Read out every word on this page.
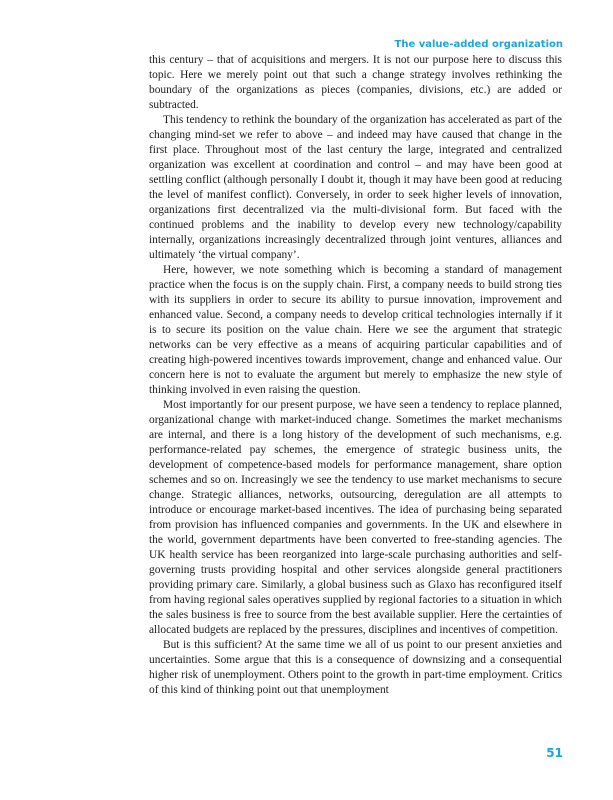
The value-added organization

this century – that of acquisitions and mergers. It is not our purpose here to discuss this topic. Here we merely point out that such a change strategy involves rethinking the boundary of the organizations as pieces (companies, divisions, etc.) are added or subtracted.

This tendency to rethink the boundary of the organization has accelerated as part of the changing mind-set we refer to above – and indeed may have caused that change in the first place. Throughout most of the last century the large, integrated and centralized organization was excellent at coordination and control – and may have been good at settling conflict (although personally I doubt it, though it may have been good at reducing the level of manifest conflict). Conversely, in order to seek higher levels of innovation, organizations first decentralized via the multi-divisional form. But faced with the continued problems and the inability to develop every new technology/capability internally, organizations increasingly decentralized through joint ventures, alliances and ultimately ‘the virtual company’.

Here, however, we note something which is becoming a standard of management practice when the focus is on the supply chain. First, a company needs to build strong ties with its suppliers in order to secure its ability to pursue innovation, improvement and enhanced value. Second, a company needs to develop critical technologies internally if it is to secure its position on the value chain. Here we see the argument that strategic networks can be very effective as a means of acquiring particular capabilities and of creating high-powered incentives towards improvement, change and enhanced value. Our concern here is not to evaluate the argument but merely to emphasize the new style of thinking involved in even raising the question.

Most importantly for our present purpose, we have seen a tendency to replace planned, organizational change with market-induced change. Sometimes the market mechanisms are internal, and there is a long history of the development of such mechanisms, e.g. performance-related pay schemes, the emergence of strategic business units, the development of competence-based models for performance management, share option schemes and so on. Increasingly we see the tendency to use market mechanisms to secure change. Strategic alliances, networks, outsourcing, deregulation are all attempts to introduce or encourage market-based incentives. The idea of purchasing being separated from provision has influenced companies and governments. In the UK and elsewhere in the world, government departments have been converted to free-standing agencies. The UK health service has been reorganized into large-scale purchasing authorities and self-governing trusts providing hospital and other services alongside general practitioners providing primary care. Similarly, a global business such as Glaxo has reconfigured itself from having regional sales operatives supplied by regional factories to a situation in which the sales business is free to source from the best available supplier. Here the certainties of allocated budgets are replaced by the pressures, disciplines and incentives of competition.

But is this sufficient? At the same time we all of us point to our present anxieties and uncertainties. Some argue that this is a consequence of downsizing and a consequential higher risk of unemployment. Others point to the growth in part-time employment. Critics of this kind of thinking point out that unemployment

51
